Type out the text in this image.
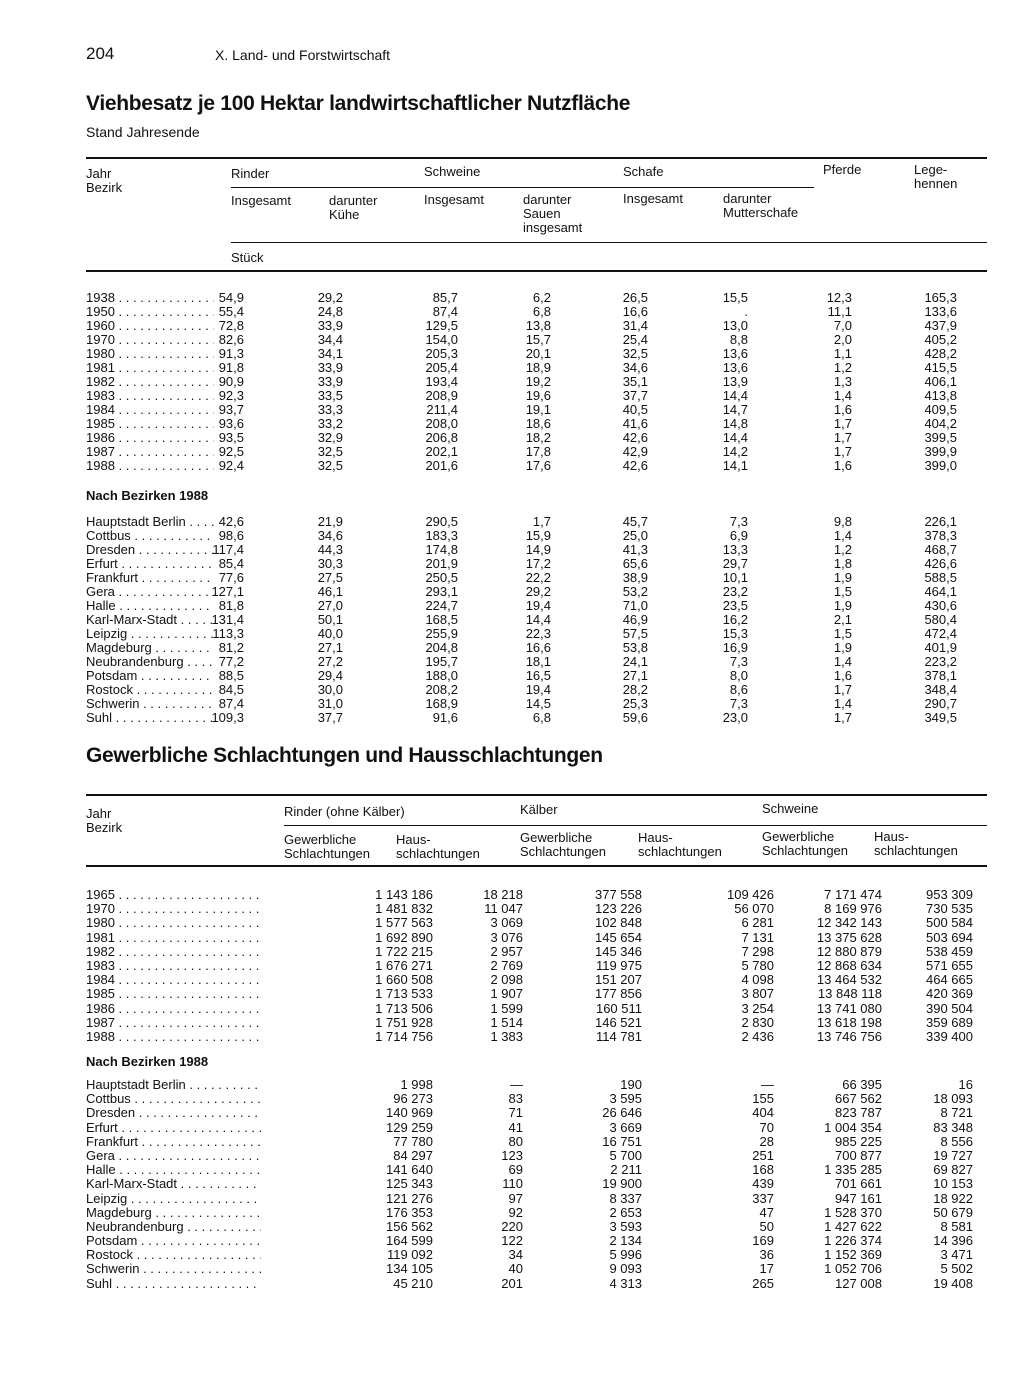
204	X. Land- und Forstwirtschaft
Viehbesatz je 100 Hektar landwirtschaftlicher Nutzfläche
Stand Jahresende
Jahr
Bezirk
Rinder	Schweine	Schafe	Pferde	Lege-
hennen
Insgesamt	darunter
Kühe
Insgesamt	darunter
Sauen
insgesamt
Insgesamt	darunter
Mutterschafe
Stück
1938 . . .	54,9	29,2	85,7	6,2	26,5	15,5	12,3	165,3
1950 . . .	55,4	24,8	87,4	6,8	16,6	.	11,1	133,6
1960 . . .	72,8	33,9	129,5	13,8	31,4	13,0	7,0	437,9
1970 . . .	82,6	34,4	154,0	15,7	25,4	8,8	2,0	405,2
1980 . . .	91,3	34,1	205,3	20,1	32,5	13,6	1,1	428,2
1981 . . .	91,8	33,9	205,4	18,9	34,6	13,6	1,2	415,5
1982 . . .	90,9	33,9	193,4	19,2	35,1	13,9	1,3	406,1
1983 . . .	92,3	33,5	208,9	19,6	37,7	14,4	1,4	413,8
1984 . . .	93,7	33,3	211,4	19,1	40,5	14,7	1,6	409,5
1985 . . .	93,6	33,2	208,0	18,6	41,6	14,8	1,7	404,2
1986 . . .	93,5	32,9	206,8	18,2	42,6	14,4	1,7	399,5
1987 . . .	92,5	32,5	202,1	17,8	42,9	14,2	1,7	399,9
1988 . . .	92,4	32,5	201,6	17,6	42,6	14,1	1,6	399,0
Nach Bezirken 1988
Hauptstadt Berlin . . .	42,6	21,9	290,5	1,7	45,7	7,3	9,8	226,1
Cottbus . . .	98,6	34,6	183,3	15,9	25,0	6,9	1,4	378,3
Dresden . . .	117,4	44,3	174,8	14,9	41,3	13,3	1,2	468,7
Erfurt . . .	85,4	30,3	201,9	17,2	65,6	29,7	1,8	426,6
Frankfurt . . .	77,6	27,5	250,5	22,2	38,9	10,1	1,9	588,5
Gera . . .	127,1	46,1	293,1	29,2	53,2	23,2	1,5	464,1
Halle . . .	81,8	27,0	224,7	19,4	71,0	23,5	1,9	430,6
Karl-Marx-Stadt . . .	131,4	50,1	168,5	14,4	46,9	16,2	2,1	580,4
Leipzig . . .	113,3	40,0	255,9	22,3	57,5	15,3	1,5	472,4
Magdeburg . . .	81,2	27,1	204,8	16,6	53,8	16,9	1,9	401,9
Neubrandenburg . . .	77,2	27,2	195,7	18,1	24,1	7,3	1,4	223,2
Potsdam . . .	88,5	29,4	188,0	16,5	27,1	8,0	1,6	378,1
Rostock . . .	84,5	30,0	208,2	19,4	28,2	8,6	1,7	348,4
Schwerin . . .	87,4	31,0	168,9	14,5	25,3	7,3	1,4	290,7
Suhl . . .	109,3	37,7	91,6	6,8	59,6	23,0	1,7	349,5
Gewerbliche Schlachtungen und Hausschlachtungen
Jahr
Bezirk
Rinder (ohne Kälber)	Kälber	Schweine
Gewerbliche
Schlachtungen
Haus-
schlachtungen
Gewerbliche
Schlachtungen
Haus-
schlachtungen
Gewerbliche
Schlachtungen
Haus-
schlachtungen
1965 . . .	1 143 186	18 218	377 558	109 426	7 171 474	953 309
1970 . . .	1 481 832	11 047	123 226	56 070	8 169 976	730 535
1980 . . .	1 577 563	3 069	102 848	6 281	12 342 143	500 584
1981 . . .	1 692 890	3 076	145 654	7 131	13 375 628	503 694
1982 . . .	1 722 215	2 957	145 346	7 298	12 880 879	538 459
1983 . . .	1 676 271	2 769	119 975	5 780	12 868 634	571 655
1984 . . .	1 660 508	2 098	151 207	4 098	13 464 532	464 665
1985 . . .	1 713 533	1 907	177 856	3 807	13 848 118	420 369
1986 . . .	1 713 506	1 599	160 511	3 254	13 741 080	390 504
1987 . . .	1 751 928	1 514	146 521	2 830	13 618 198	359 689
1988 . . .	1 714 756	1 383	114 781	2 436	13 746 756	339 400
Nach Bezirken 1988
Hauptstadt Berlin . . .	1 998	—	190	—	66 395	16
Cottbus . . .	96 273	83	3 595	155	667 562	18 093
Dresden . . .	140 969	71	26 646	404	823 787	8 721
Erfurt . . .	129 259	41	3 669	70	1 004 354	83 348
Frankfurt . . .	77 780	80	16 751	28	985 225	8 556
Gera . . .	84 297	123	5 700	251	700 877	19 727
Halle . . .	141 640	69	2 211	168	1 335 285	69 827
Karl-Marx-Stadt . . .	125 343	110	19 900	439	701 661	10 153
Leipzig . . .	121 276	97	8 337	337	947 161	18 922
Magdeburg . . .	176 353	92	2 653	47	1 528 370	50 679
Neubrandenburg . . .	156 562	220	3 593	50	1 427 622	8 581
Potsdam . . .	164 599	122	2 134	169	1 226 374	14 396
Rostock . . .	119 092	34	5 996	36	1 152 369	3 471
Schwerin . . .	134 105	40	9 093	17	1 052 706	5 502
Suhl . . .	45 210	201	4 313	265	127 008	19 408
